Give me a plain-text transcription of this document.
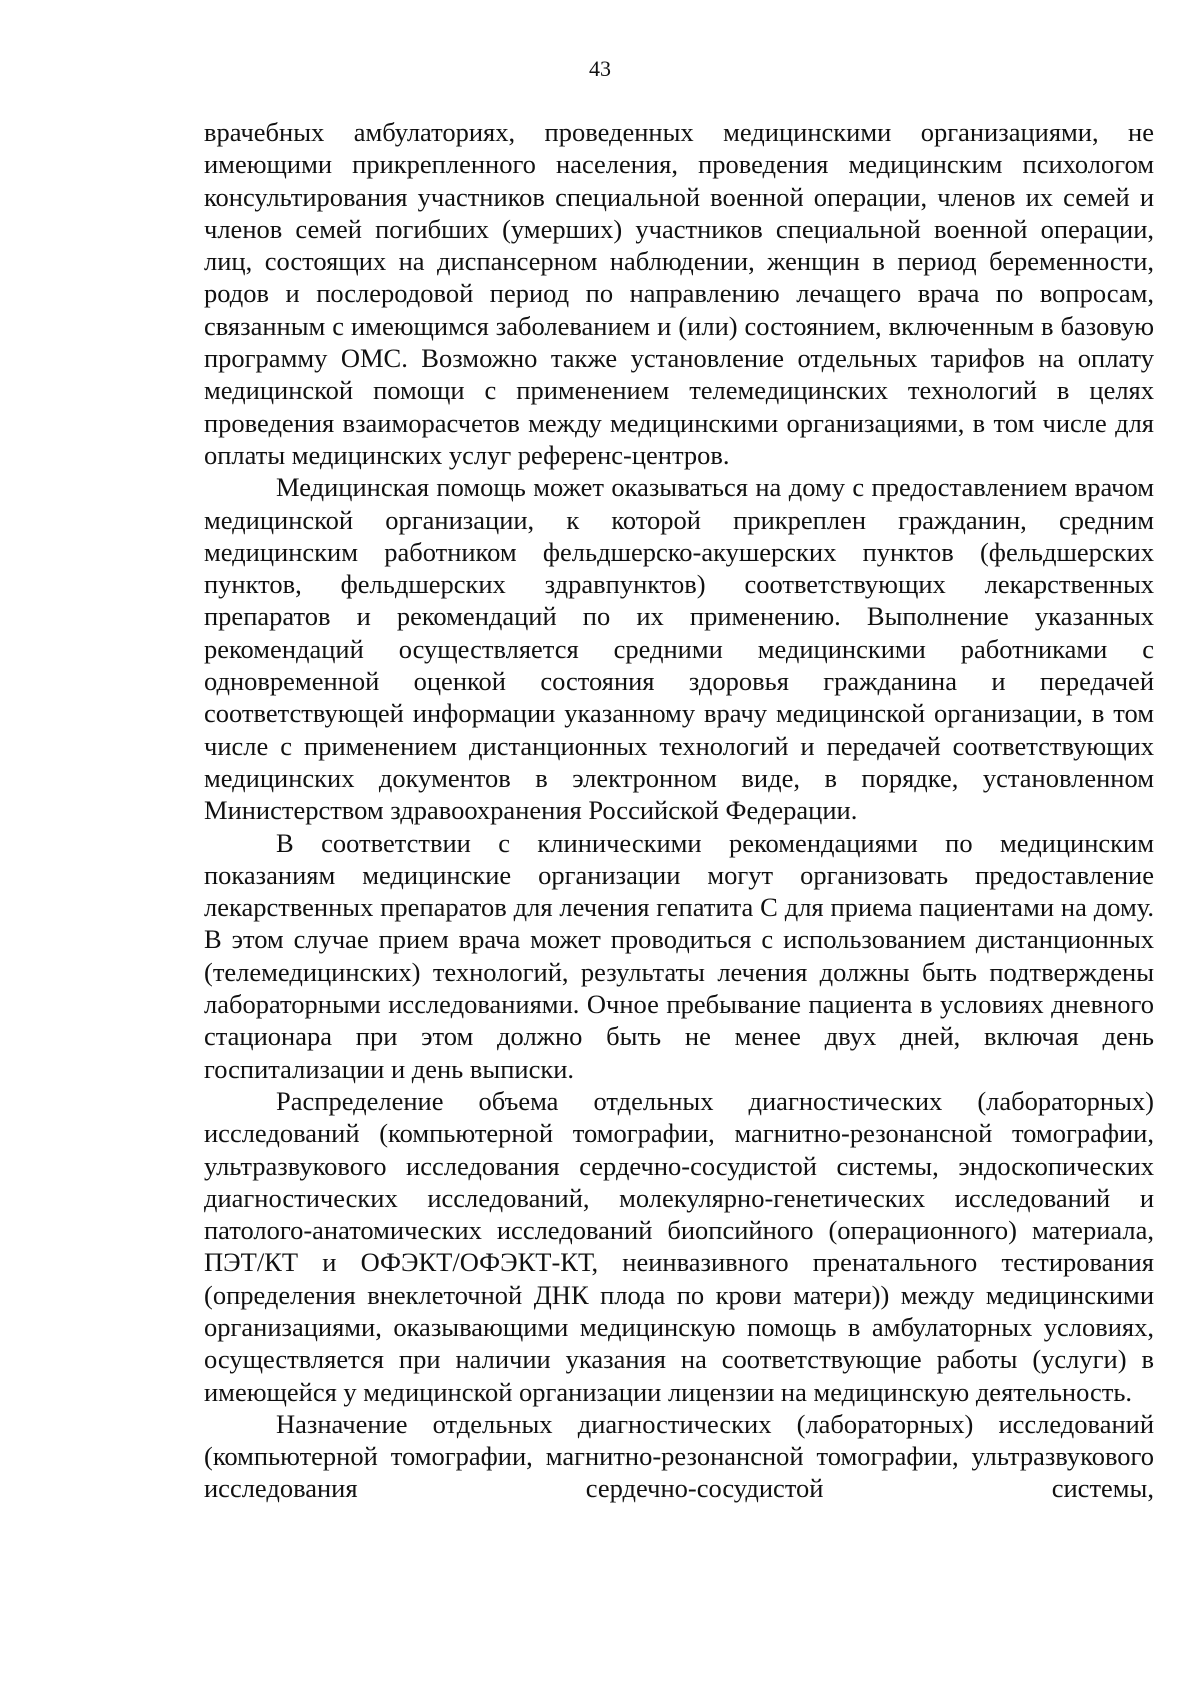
43

врачебных амбулаториях, проведенных медицинскими организациями, не имеющими прикрепленного населения, проведения медицинским психологом консультирования участников специальной военной операции, членов их семей и членов семей погибших (умерших) участников специальной военной операции, лиц, состоящих на диспансерном наблюдении, женщин в период беременности, родов и послеродовой период по направлению лечащего врача по вопросам, связанным с имеющимся заболеванием и (или) состоянием, включенным в базовую программу ОМС. Возможно также установление отдельных тарифов на оплату медицинской помощи с применением телемедицинских технологий в целях проведения взаиморасчетов между медицинскими организациями, в том числе для оплаты медицинских услуг референс-центров.

Медицинская помощь может оказываться на дому с предоставлением врачом медицинской организации, к которой прикреплен гражданин, средним медицинским работником фельдшерско-акушерских пунктов (фельдшерских пунктов, фельдшерских здравпунктов) соответствующих лекарственных препаратов и рекомендаций по их применению. Выполнение указанных рекомендаций осуществляется средними медицинскими работниками с одновременной оценкой состояния здоровья гражданина и передачей соответствующей информации указанному врачу медицинской организации, в том числе с применением дистанционных технологий и передачей соответствующих медицинских документов в электронном виде, в порядке, установленном Министерством здравоохранения Российской Федерации.

В соответствии с клиническими рекомендациями по медицинским показаниям медицинские организации могут организовать предоставление лекарственных препаратов для лечения гепатита С для приема пациентами на дому. В этом случае прием врача может проводиться с использованием дистанционных (телемедицинских) технологий, результаты лечения должны быть подтверждены лабораторными исследованиями. Очное пребывание пациента в условиях дневного стационара при этом должно быть не менее двух дней, включая день госпитализации и день выписки.

Распределение объема отдельных диагностических (лабораторных) исследований (компьютерной томографии, магнитно-резонансной томографии, ультразвукового исследования сердечно-сосудистой системы, эндоскопических диагностических исследований, молекулярно-генетических исследований и патолого-анатомических исследований биопсийного (операционного) материала, ПЭТ/КТ и ОФЭКТ/ОФЭКТ-КТ, неинвазивного пренатального тестирования (определения внеклеточной ДНК плода по крови матери)) между медицинскими организациями, оказывающими медицинскую помощь в амбулаторных условиях, осуществляется при наличии указания на соответствующие работы (услуги) в имеющейся у медицинской организации лицензии на медицинскую деятельность.

Назначение отдельных диагностических (лабораторных) исследований (компьютерной томографии, магнитно-резонансной томографии, ультразвукового исследования сердечно-сосудистой системы,
